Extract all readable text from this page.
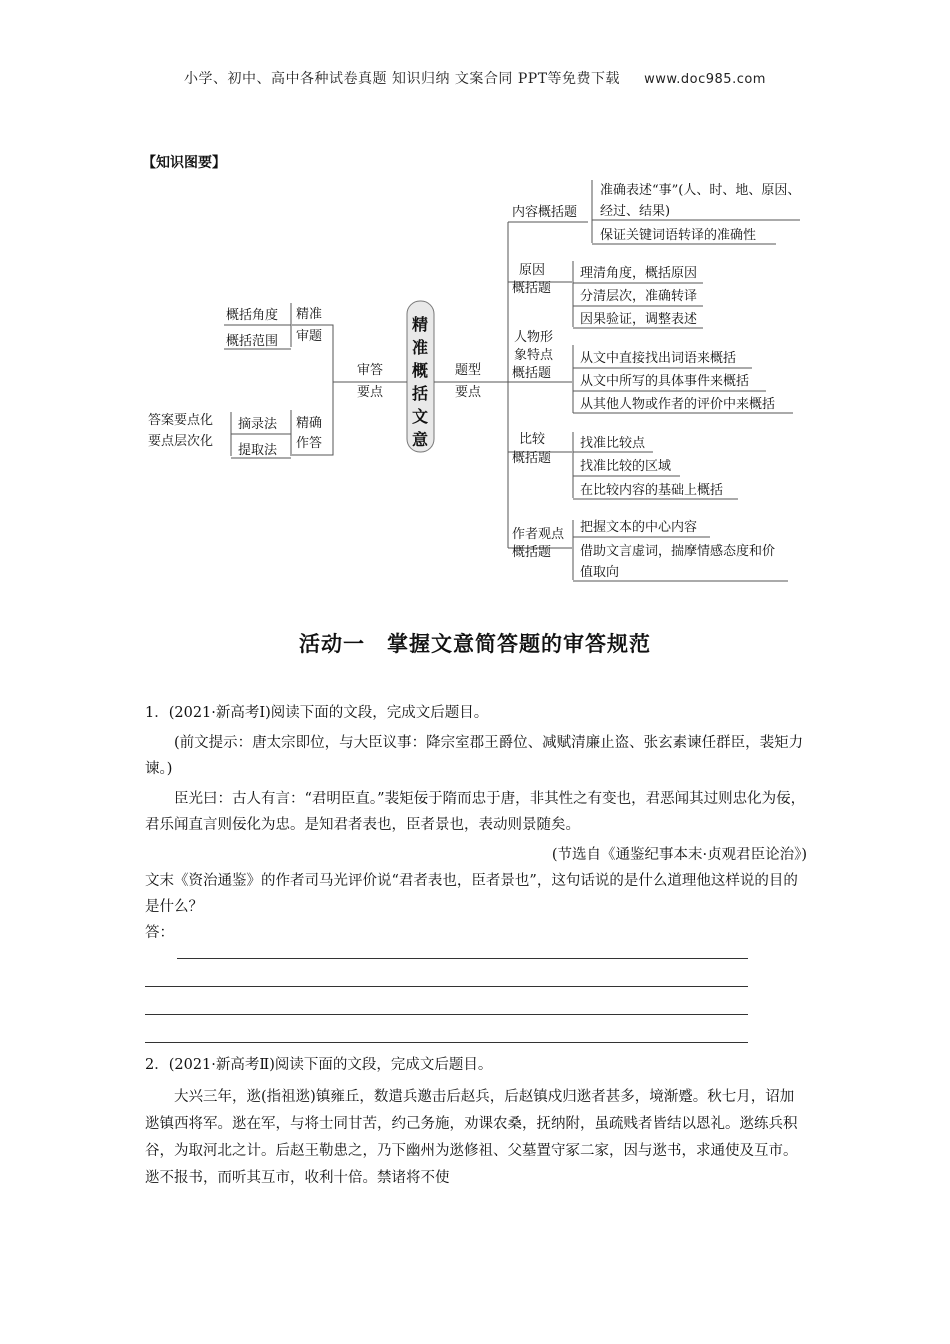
小学、初中、高中各种试卷真题 知识归纳 文案合同 PPT等免费下载 www.doc985.com
【知识图要】
精
准
概
括
文
意
审答
要点
精准
审题
概括角度
概括范围
精确
作答
摘录法
提取法
答案要点化
要点层次化
题型
要点
内容概括题
准确表述“事”(人、时、地、原因、
经过、结果)
保证关键词语转译的准确性
原因
概括题
理清角度，概括原因
分清层次，准确转译
因果验证，调整表述
人物形
象特点
概括题
从文中直接找出词语来概括
从文中所写的具体事件来概括
从其他人物或作者的评价中来概括
比较
概括题
找准比较点
找准比较的区域
在比较内容的基础上概括
作者观点
概括题
把握文本的中心内容
借助文言虚词，揣摩情感态度和价
值取向
活动一　掌握文意简答题的审答规范

1．(2021·新高考Ⅰ)阅读下面的文段，完成文后题目。

(前文提示：唐太宗即位，与大臣议事：降宗室郡王爵位、减赋清廉止盗、张玄素谏任群臣，裴矩力谏。)

臣光曰：古人有言：“君明臣直。”裴矩佞于隋而忠于唐，非其性之有变也，君恶闻其过则忠化为佞，君乐闻直言则佞化为忠。是知君者表也，臣者景也，表动则景随矣。

(节选自《通鉴纪事本末·贞观君臣论治》)

文末《资治通鉴》的作者司马光评价说“君者表也，臣者景也”，这句话说的是什么道理他这样说的目的是什么？

答：

2．(2021·新高考Ⅱ)阅读下面的文段，完成文后题目。

大兴三年，逖(指祖逖)镇雍丘，数遣兵邀击后赵兵，后赵镇戍归逖者甚多，境渐蹙。秋七月，诏加逖镇西将军。逖在军，与将士同甘苦，约己务施，劝课农桑，抚纳附，虽疏贱者皆结以恩礼。逖练兵积谷，为取河北之计。后赵王勒患之，乃下幽州为逖修祖、父墓置守冢二家，因与逖书，求通使及互市。逖不报书，而听其互市，收利十倍。禁诸将不使
